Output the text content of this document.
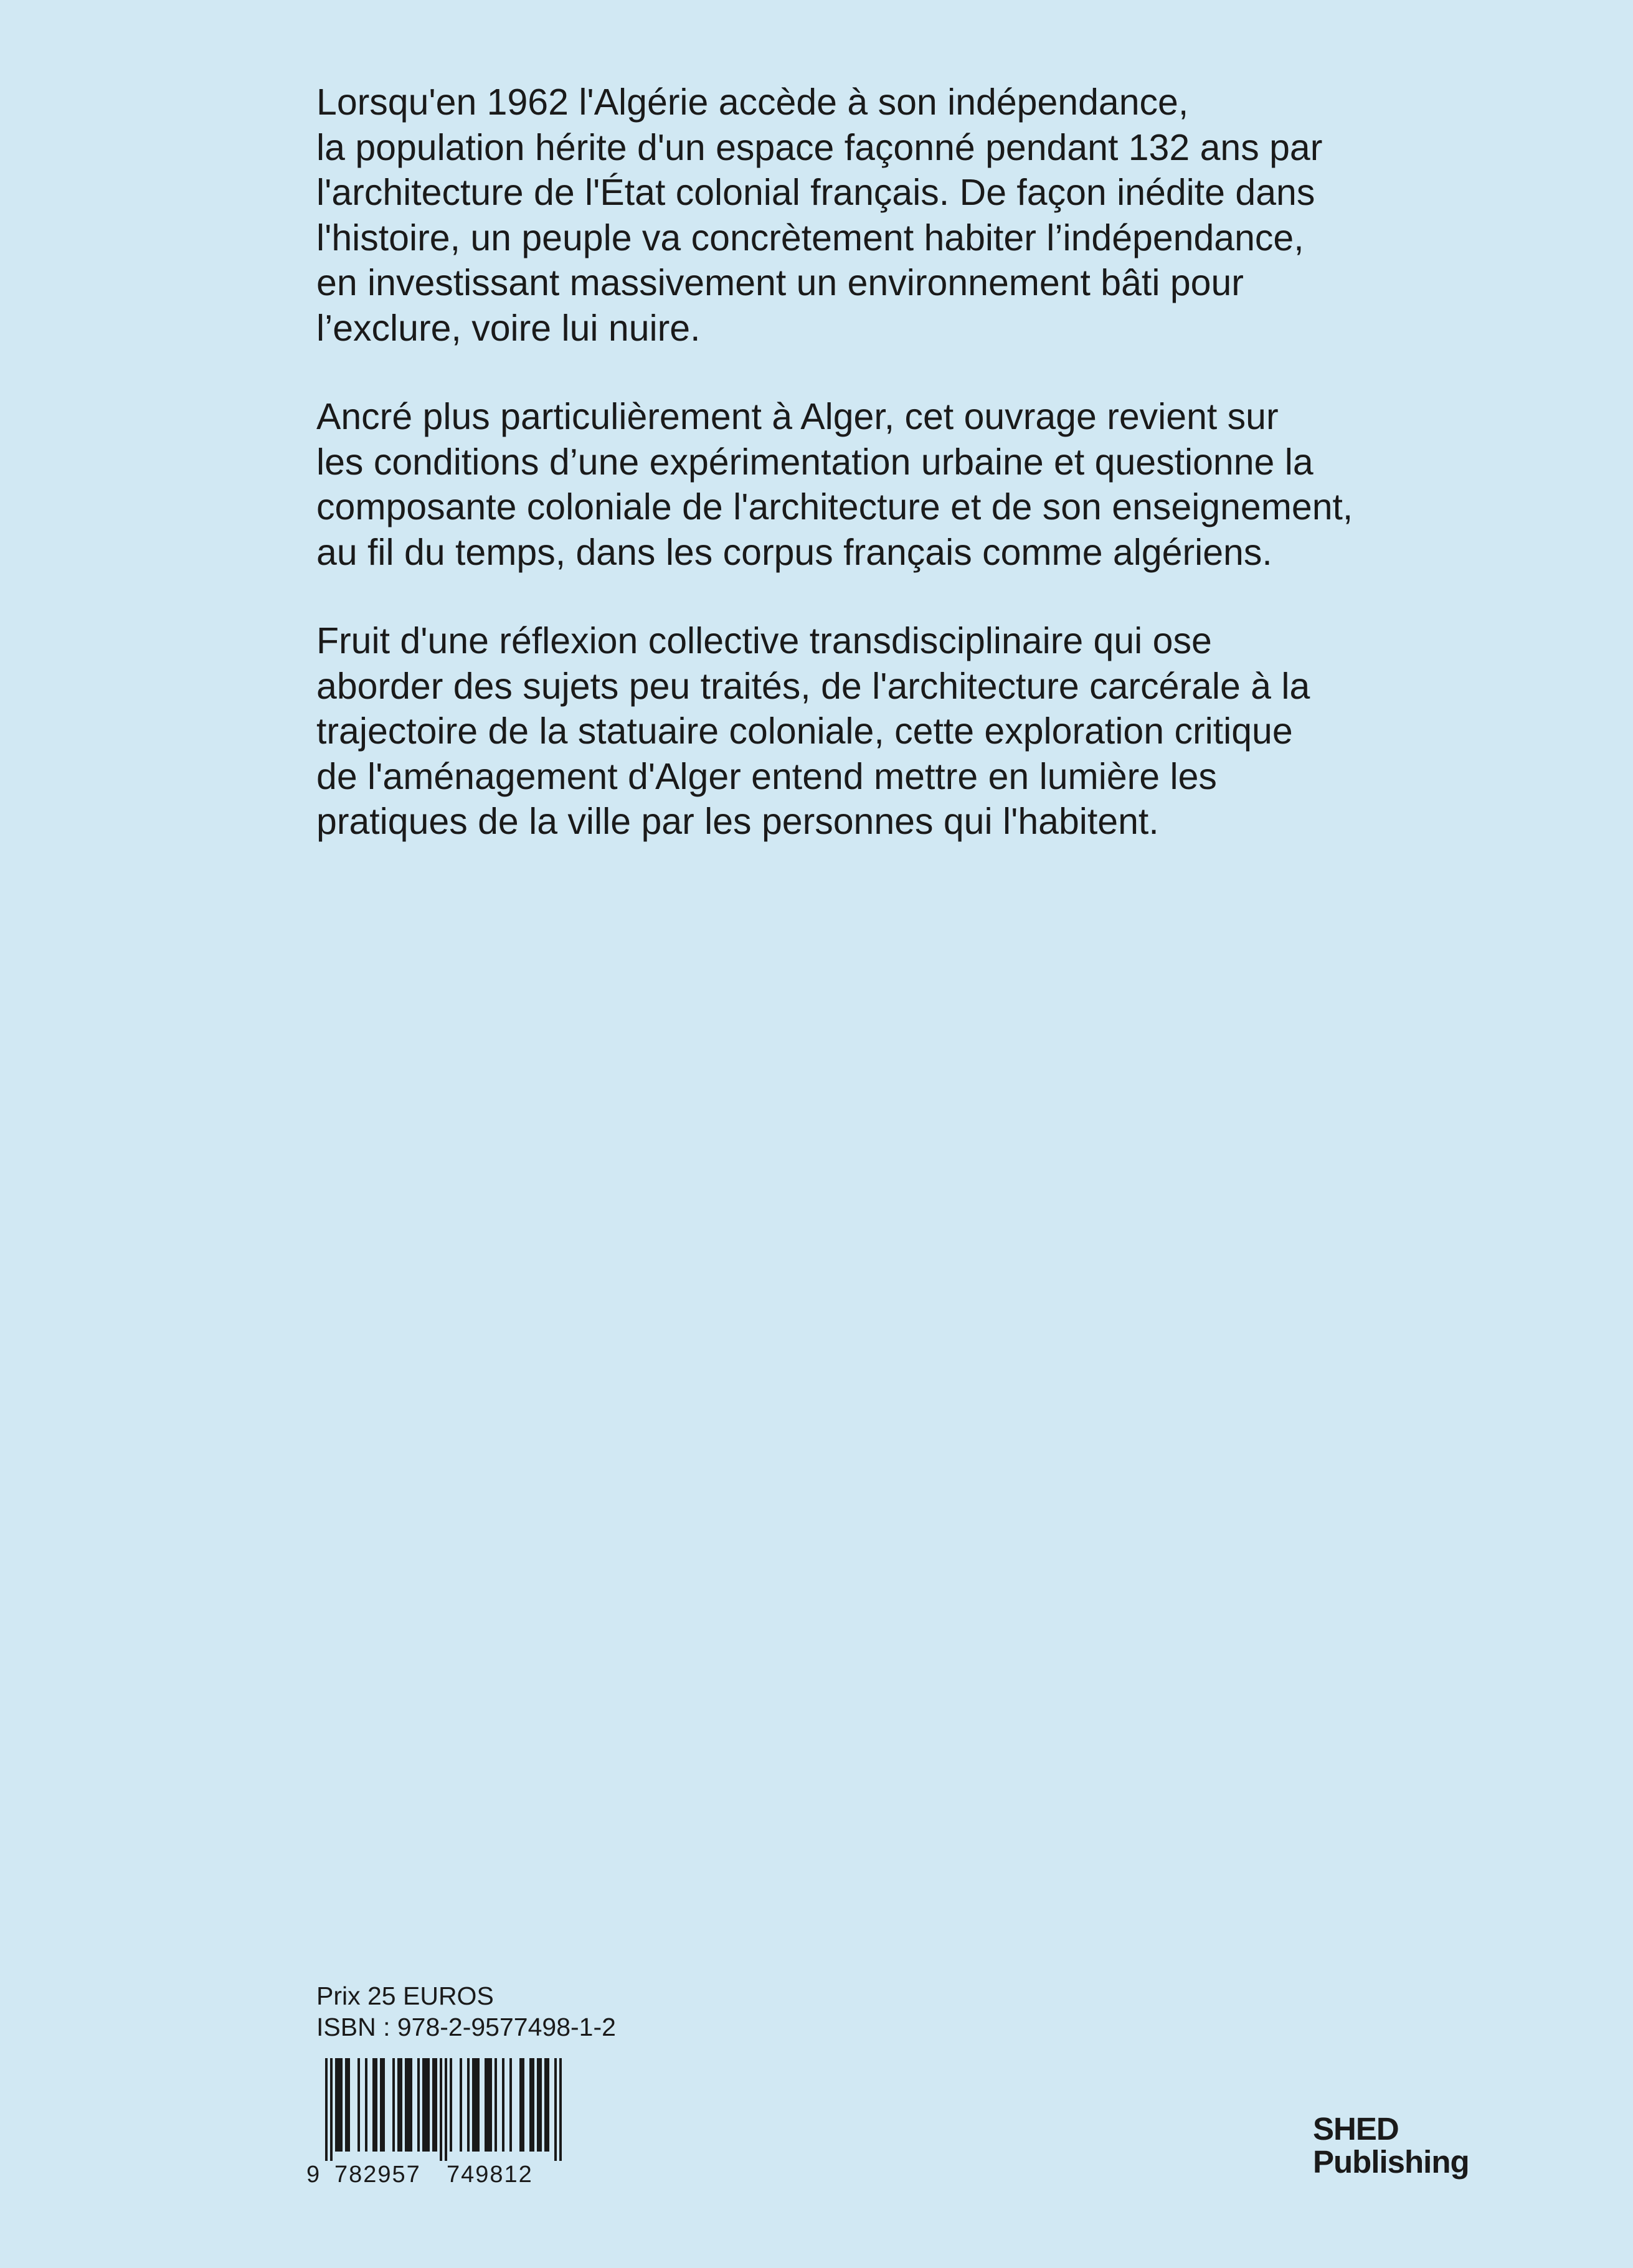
Lorsqu'en 1962 l'Algérie accède à son indépendance,
la population hérite d'un espace façonné pendant 132 ans par
l'architecture de l'État colonial français. De façon inédite dans
l'histoire, un peuple va concrètement habiter l’indépendance,
en investissant massivement un environnement bâti pour
l’exclure, voire lui nuire.
Ancré plus particulièrement à Alger, cet ouvrage revient sur
les conditions d’une expérimentation urbaine et questionne la
composante coloniale de l'architecture et de son enseignement,
au fil du temps, dans les corpus français comme algériens.
Fruit d'une réflexion collective transdisciplinaire qui ose
aborder des sujets peu traités, de l'architecture carcérale à la
trajectoire de la statuaire coloniale, cette exploration critique
de l'aménagement d'Alger entend mettre en lumière les
pratiques de la ville par les personnes qui l'habitent.
Prix 25 EUROS
ISBN : 978-2-9577498-1-2
9 782957 749812
SHED
Publishing
